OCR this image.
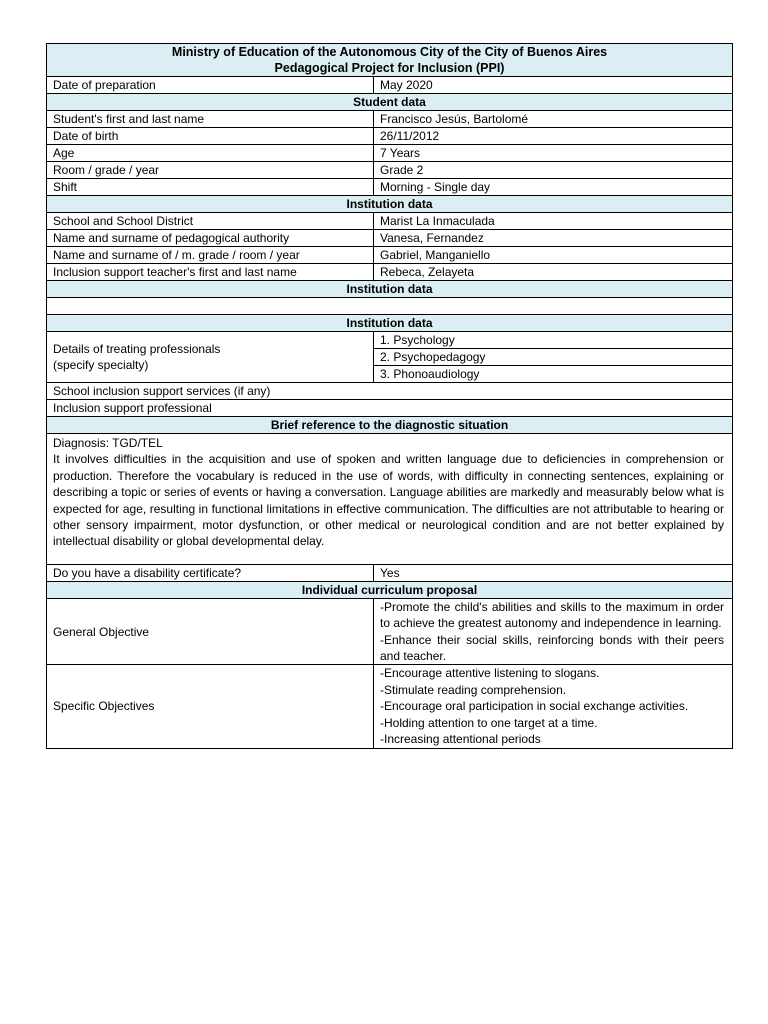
Ministry of Education of the Autonomous City of the City of Buenos Aires
Pedagogical Project for Inclusion (PPI)	

Date of preparation	May 2020
Student data	
Student's first and last name	Francisco Jesús, Bartolomé
Date of birth	26/11/2012
Age	7 Years
Room / grade / year	Grade 2
Shift	Morning - Single day
Institution data	
School and School District	Marist La Inmaculada
Name and surname of pedagogical authority	Vanesa, Fernandez
Name and surname of / m. grade / room / year	Gabriel, Manganiello
Inclusion support teacher's first and last name	Rebeca, Zelayeta
Institution data	

Institution data	

Details of treating professionals
(specify specialty)	1. Psychology
	2. Psychopedagogy
	3. Phonoaudiology
School inclusion support services (if any)	
Inclusion support professional	
Brief reference to the diagnostic situation	

Diagnosis: TGD/TEL

It involves difficulties in the acquisition and use of spoken and written language due to deficiencies in comprehension or production. Therefore the vocabulary is reduced in the use of words, with difficulty in connecting sentences, explaining or describing a topic or series of events or having a conversation. Language abilities are markedly and measurably below what is expected for age, resulting in functional limitations in effective communication. The difficulties are not attributable to hearing or other sensory impairment, motor dysfunction, or other medical or neurological condition and are not better explained by intellectual disability or global developmental delay.	

Do you have a disability certificate?	Yes
Individual curriculum proposal	
General Objective	-Promote the child's abilities and skills to the maximum in order to achieve the greatest autonomy and independence in learning.
-Enhance their social skills, reinforcing bonds with their peers and teacher.

Specific Objectives	-Encourage attentive listening to slogans.
-Stimulate reading comprehension.
-Encourage oral participation in social exchange activities.
-Holding attention to one target at a time.
-Increasing attentional periods
